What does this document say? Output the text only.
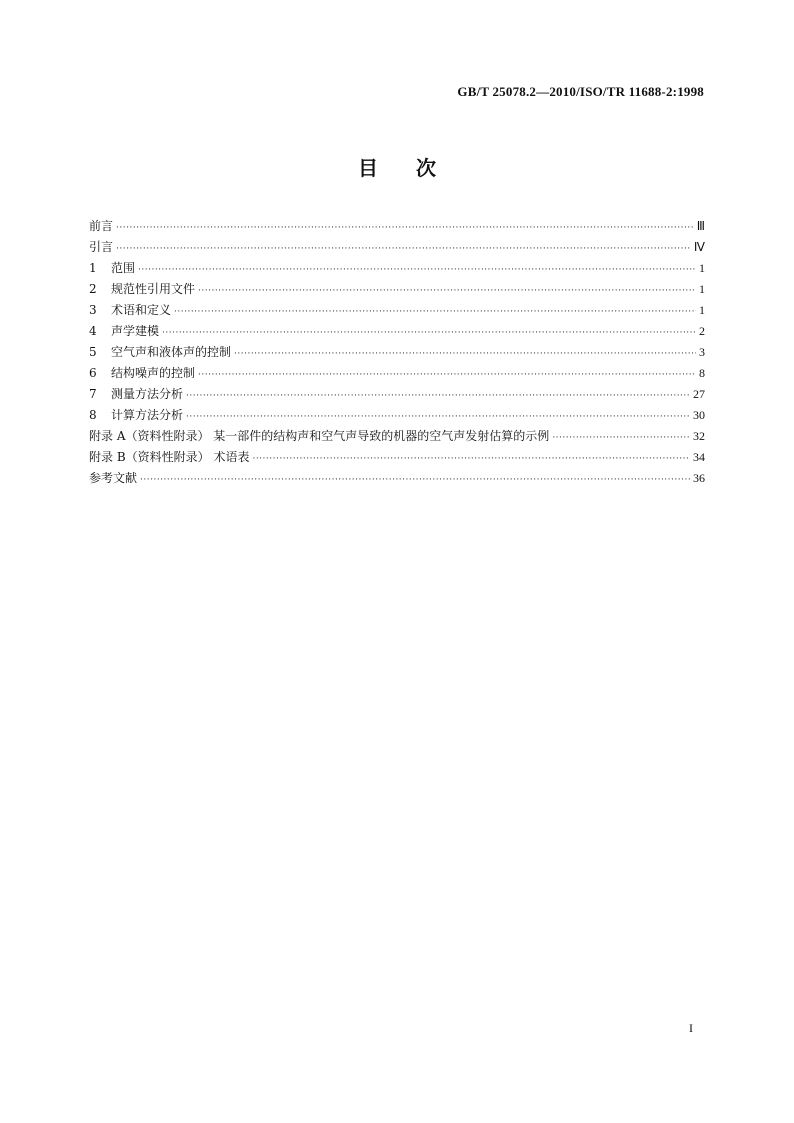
GB/T 25078.2—2010/ISO/TR 11688-2:1998
目 次
前言 ·····	Ⅲ
引言 ·····	Ⅳ
1	范围 ·····	1
2	规范性引用文件 ·····	1
3	术语和定义 ·····	1
4	声学建模 ·····	2
5	空气声和液体声的控制 ·····	3
6	结构噪声的控制 ·····	8
7	测量方法分析 ·····	27
8	计算方法分析 ·····	30
附录 A（资料性附录） 某一部件的结构声和空气声导致的机器的空气声发射估算的示例 ·····	32
附录 B（资料性附录） 术语表 ·····	34
参考文献 ·····	36
I
